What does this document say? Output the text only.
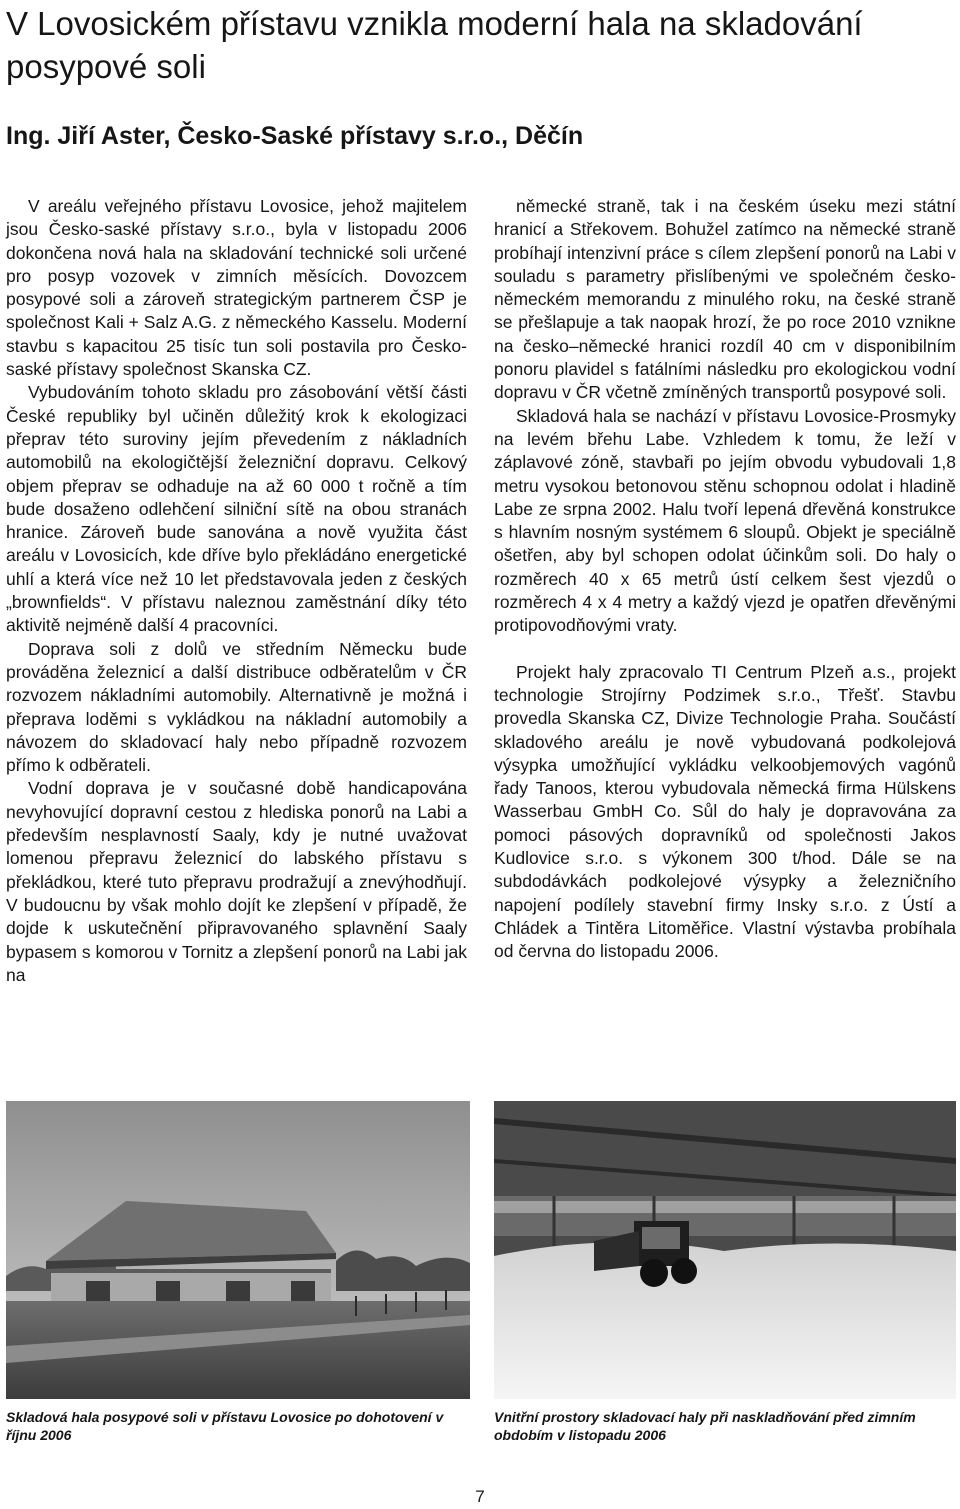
V Lovosickém přístavu vznikla moderní hala na skladování posypové soli
Ing. Jiří Aster, Česko-Saské přístavy s.r.o., Děčín

V areálu veřejného přístavu Lovosice, jehož majitelem jsou Česko-saské přístavy s.r.o., byla v listopadu 2006 dokončena nová hala na skladování technické soli určené pro posyp vozovek v zimních měsících. Dovozcem posypové soli a zároveň strategickým partnerem ČSP je společnost Kali + Salz A.G. z německého Kasselu. Moderní stavbu s kapacitou 25 tisíc tun soli postavila pro Česko-saské přístavy společnost Skanska CZ.

Vybudováním tohoto skladu pro zásobování větší části České republiky byl učiněn důležitý krok k ekologizaci přeprav této suroviny jejím převedením z nákladních automobilů na ekologičtější železniční dopravu. Celkový objem přeprav se odhaduje na až 60 000 t ročně a tím bude dosaženo odlehčení silniční sítě na obou stranách hranice. Zároveň bude sanována a nově využita část areálu v Lovosicích, kde dříve bylo překládáno energetické uhlí a která více než 10 let představovala jeden z českých „brownfields“. V přístavu naleznou zaměstnání díky této aktivitě nejméně další 4 pracovníci.

Doprava soli z dolů ve středním Německu bude prováděna železnicí a další distribuce odběratelům v ČR rozvozem nákladními automobily. Alternativně je možná i přeprava loděmi s vykládkou na nákladní automobily a návozem do skladovací haly nebo případně rozvozem přímo k odběrateli.

Vodní doprava je v současné době handicapována nevyhovující dopravní cestou z hlediska ponorů na Labi a především nesplavností Saaly, kdy je nutné uvažovat lomenou přepravu železnicí do labského přístavu s překládkou, které tuto přepravu prodražují a znevýhodňují. V budoucnu by však mohlo dojít ke zlepšení v případě, že dojde k uskutečnění připravovaného splavnění Saaly bypasem s komorou v Tornitz a zlepšení ponorů na Labi jak na

německé straně, tak i na českém úseku mezi státní hranicí a Střekovem. Bohužel zatímco na německé straně probíhají intenzivní práce s cílem zlepšení ponorů na Labi v souladu s parametry přislíbenými ve společném česko-německém memorandu z minulého roku, na české straně se přešlapuje a tak naopak hrozí, že po roce 2010 vznikne na česko–německé hranici rozdíl 40 cm v disponibilním ponoru plavidel s fatálními následku pro ekologickou vodní dopravu v ČR včetně zmíněných transportů posypové soli.

Skladová hala se nachází v přístavu Lovosice-Prosmyky na levém břehu Labe. Vzhledem k tomu, že leží v záplavové zóně, stavbaři po jejím obvodu vybudovali 1,8 metru vysokou betonovou stěnu schopnou odolat i hladině Labe ze srpna 2002. Halu tvoří lepená dřevěná konstrukce s hlavním nosným systémem 6 sloupů. Objekt je speciálně ošetřen, aby byl schopen odolat účinkům soli. Do haly o rozměrech 40 x 65 metrů ústí celkem šest vjezdů o rozměrech 4 x 4 metry a každý vjezd je opatřen dřevěnými protipovodňovými vraty.

Projekt haly zpracovalo TI Centrum Plzeň a.s., projekt technologie Strojírny Podzimek s.r.o., Třešť. Stavbu provedla Skanska CZ, Divize Technologie Praha. Součástí skladového areálu je nově vybudovaná podkolejová výsypka umožňující vykládku velkoobjemových vagónů řady Tanoos, kterou vybudovala německá firma Hülskens Wasserbau GmbH Co. Sůl do haly je dopravována za pomoci pásových dopravníků od společnosti Jakos Kudlovice s.r.o. s výkonem 300 t/hod. Dále se na subdodávkách podkolejové výsypky a železničního napojení podílely stavební firmy Insky s.r.o. z Ústí a Chládek a Tintěra Litoměřice. Vlastní výstavba probíhala od června do listopadu 2006.

Skladová hala posypové soli v přístavu Lovosice po dohotovení v říjnu 2006

Vnitřní prostory skladovací haly při naskladňování před zimním obdobím v listopadu 2006

7
